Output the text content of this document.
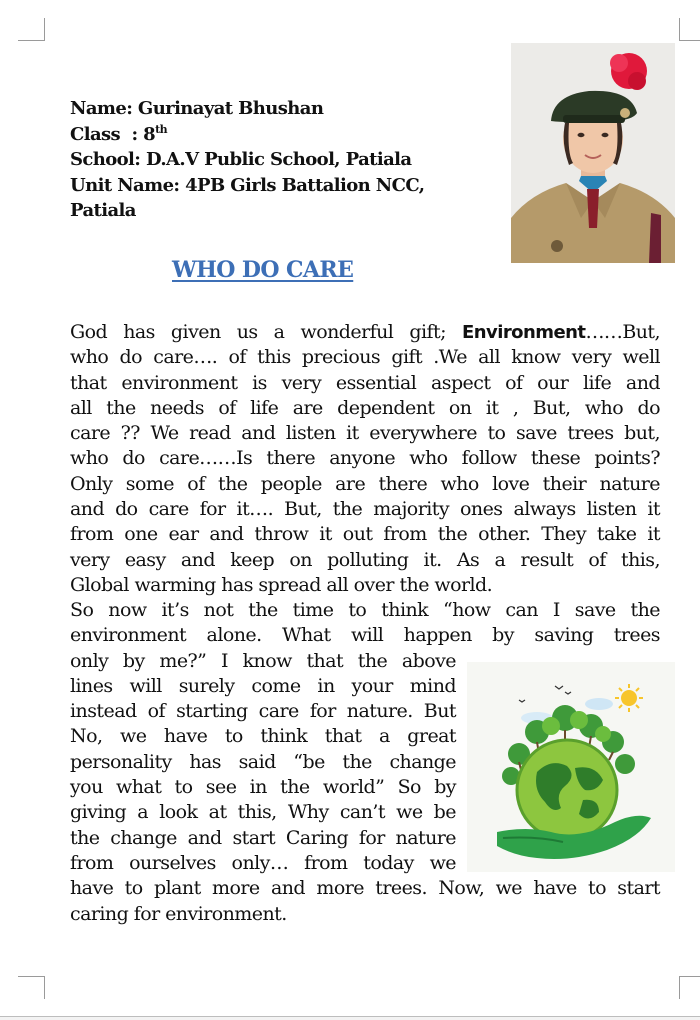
Name: Gurinayat Bhushan
Class : 8th
School: D.A.V Public School, Patiala
Unit Name: 4PB Girls Battalion NCC,
Patiala
WHO DO CARE
God has given us a wonderful gift; Environment……But,
who do care…. of this precious gift .We all know very well
that environment is very essential aspect of our life and
all the needs of life are dependent on it , But, who do
care ?? We read and listen it everywhere to save trees but,
who do care……Is there anyone who follow these points?
Only some of the people are there who love their nature
and do care for it…. But, the majority ones always listen it
from one ear and throw it out from the other. They take it
very easy and keep on polluting it. As a result of this,
Global warming has spread all over the world.
So now it’s not the time to think “how can I save the
environment alone. What will happen by saving trees
only by me?” I know that the above
lines will surely come in your mind
instead of starting care for nature. But
No, we have to think that a great
personality has said “be the change
you what to see in the world” So by
giving a look at this, Why can’t we be
the change and start Caring for nature
from ourselves only… from today we
have to plant more and more trees. Now, we have to start
caring for environment.
